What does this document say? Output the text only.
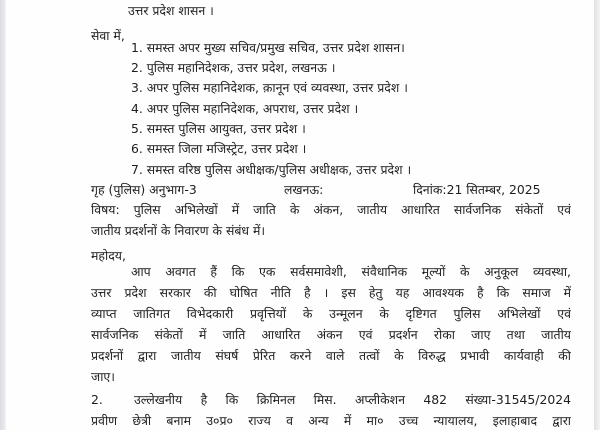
उत्तर प्रदेश शासन ।
सेवा में,
1. समस्त अपर मुख्य सचिव/प्रमुख सचिव, उत्तर प्रदेश शासन।
2. पुलिस महानिदेशक, उत्तर प्रदेश, लखनऊ ।
3. अपर पुलिस महानिदेशक, क़ानून एवं व्यवस्था, उत्तर प्रदेश ।
4. अपर पुलिस महानिदेशक, अपराध, उत्तर प्रदेश ।
5. समस्त पुलिस आयुक्त, उत्तर प्रदेश ।
6. समस्त जिला मजिस्ट्रेट, उत्तर प्रदेश ।
7. समस्त वरिष्ठ पुलिस अधीक्षक/पुलिस अधीक्षक, उत्तर प्रदेश ।
गृह (पुलिस) अनुभाग-3	लखनऊ:	दिनांक:21 सितम्बर, 2025
विषय: पुलिस अभिलेखों में जाति के अंकन, जातीय आधारित सार्वजनिक संकेतों एवं
जातीय प्रदर्शनों के निवारण के संबंध में।
महोदय,
आप अवगत हैं कि एक सर्वसमावेशी, संवैधानिक मूल्यों के अनुकूल व्यवस्था,
उत्तर प्रदेश सरकार की घोषित नीति है । इस हेतु यह आवश्यक है कि समाज में
व्याप्त जातिगत विभेदकारी प्रवृत्तियों के उन्मूलन के दृष्टिगत पुलिस अभिलेखों एवं
सार्वजनिक संकेतों में जाति आधारित अंकन एवं प्रदर्शन रोका जाए तथा जातीय
प्रदर्शनों द्वारा जातीय संघर्ष प्रेरित करने वाले तत्वों के विरुद्ध प्रभावी कार्यवाही की
जाए।
2.	उल्लेखनीय है कि क्रिमिनल मिस. अप्लीकेशन 482 संख्या-31545/2024
प्रवीण छेत्री बनाम उ०प्र० राज्य व अन्य में मा० उच्च न्यायालय, इलाहाबाद द्वारा
